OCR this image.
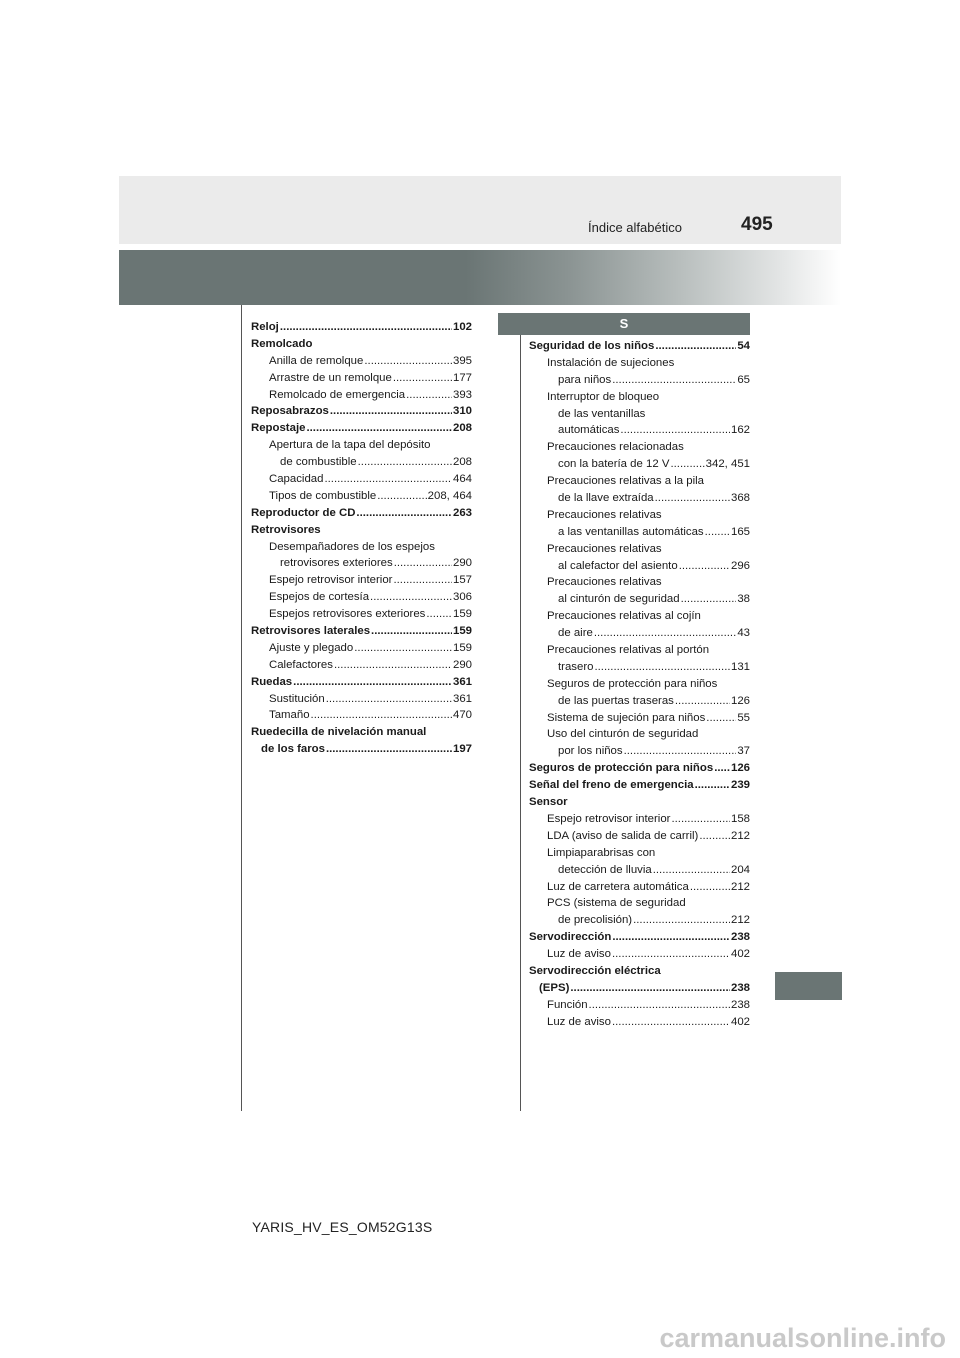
Índice alfabético	495
Reloj .....	102
Remolcado
Anilla de remolque .....	395
Arrastre de un remolque .....	177
Remolcado de emergencia .....	393
Reposabrazos .....	310
Repostaje .....	208
Apertura de la tapa del depósito
de combustible .....	208
Capacidad .....	464
Tipos de combustible .....	208, 464
Reproductor de CD .....	263
Retrovisores
Desempañadores de los espejos
retrovisores exteriores .....	290
Espejo retrovisor interior .....	157
Espejos de cortesía .....	306
Espejos retrovisores exteriores ..... 159
Retrovisores laterales .....	159
Ajuste y plegado .....	159
Calefactores .....	290
Ruedas .....	361
Sustitución .....	361
Tamaño .....	470
Ruedecilla de nivelación manual
de los faros .....	197
S
Seguridad de los niños .....	54
Instalación de sujeciones
para niños .....	65
Interruptor de bloqueo
de las ventanillas
automáticas .....	162
Precauciones relacionadas
con la batería de 12 V .....	342, 451
Precauciones relativas a la pila
de la llave extraída .....	368
Precauciones relativas
a las ventanillas automáticas ..... 165
Precauciones relativas
al calefactor del asiento .....	296
Precauciones relativas
al cinturón de seguridad .....	38
Precauciones relativas al cojín
de aire .....	43
Precauciones relativas al portón
trasero .....	131
Seguros de protección para niños
de las puertas traseras .....	126
Sistema de sujeción para niños .....	55
Uso del cinturón de seguridad
por los niños .....	37
Seguros de protección para niños ..... 126
Señal del freno de emergencia .....	239
Sensor
Espejo retrovisor interior .....	158
LDA (aviso de salida de carril) .....	212
Limpiaparabrisas con
detección de lluvia .....	204
Luz de carretera automática .....	212
PCS (sistema de seguridad
de precolisión) .....	212
Servodirección .....	238
Luz de aviso .....	402
Servodirección eléctrica
(EPS) .....	238
Función .....	238
Luz de aviso .....	402
YARIS_HV_ES_OM52G13S
carmanualsonline.info
